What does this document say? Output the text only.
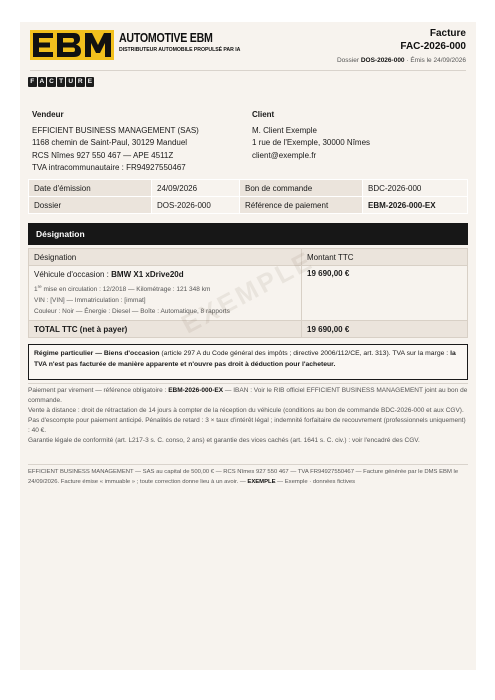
AUTOMOTIVE EBM
DISTRIBUTEUR AUTOMOBILE PROPULSÉ PAR IA
Facture
FAC-2026-000
Dossier DOS-2026-000 · Émis le 24/09/2026
F A C T U R E
Vendeur
EFFICIENT BUSINESS MANAGEMENT (SAS)
1168 chemin de Saint-Paul, 30129 Manduel
RCS Nîmes 927 550 467 — APE 4511Z
TVA intracommunautaire : FR94927550467
Client
M. Client Exemple
1 rue de l'Exemple, 30000 Nîmes
client@exemple.fr
Date d'émission	24/09/2026	Bon de commande	BDC-2026-000
Dossier	DOS-2026-000	Référence de paiement	EBM-2026-000-EX
Désignation
Désignation	Montant TTC

Véhicule d'occasion : BMW X1 xDrive20d
1re mise en circulation : 12/2018 — Kilométrage : 121 348 km
VIN : [VIN] — Immatriculation : [immat]
Couleur : Noir — Énergie : Diesel — Boîte : Automatique, 8 rapports	19 690,00 €
TOTAL TTC (net à payer)	19 690,00 €
EXEMPLE
Régime particulier — Biens d'occasion (article 297 A du Code général des impôts ; directive 2006/112/CE, art. 313). TVA sur la marge : la TVA n'est pas facturée de manière apparente et n'ouvre pas droit à déduction pour l'acheteur.

Paiement par virement — référence obligatoire : EBM-2026-000-EX — IBAN : Voir le RIB officiel EFFICIENT BUSINESS MANAGEMENT joint au bon de commande.

Vente à distance : droit de rétractation de 14 jours à compter de la réception du véhicule (conditions au bon de commande BDC-2026-000 et aux CGV).

Pas d'escompte pour paiement anticipé. Pénalités de retard : 3 × taux d'intérêt légal ; indemnité forfaitaire de recouvrement (professionnels uniquement) : 40 €.

Garantie légale de conformité (art. L217-3 s. C. conso, 2 ans) et garantie des vices cachés (art. 1641 s. C. civ.) : voir l'encadré des CGV.

EFFICIENT BUSINESS MANAGEMENT — SAS au capital de 500,00 € — RCS Nîmes 927 550 467 — TVA FR94927550467 — Facture générée par le DMS EBM le 24/09/2026. Facture émise « immuable » ; toute correction donne lieu à un avoir. — EXEMPLE — Exemple · données fictives
